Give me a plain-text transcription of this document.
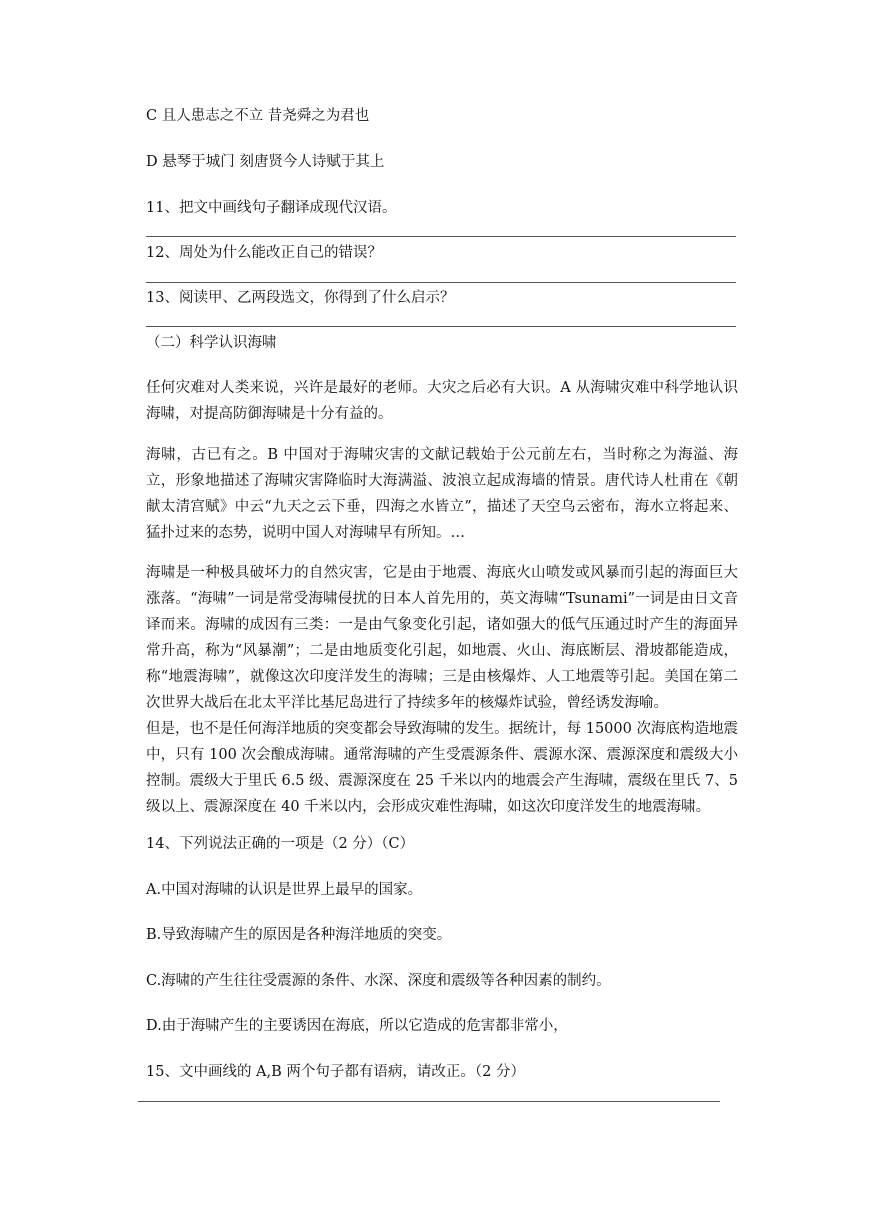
C 且人患志之不立 昔尧舜之为君也

D 悬琴于城门 刻唐贤今人诗赋于其上

11、把文中画线句子翻译成现代汉语。

12、周处为什么能改正自己的错误？

13、阅读甲、乙两段选文，你得到了什么启示？

（二）科学认识海啸

任何灾难对人类来说，兴许是最好的老师。大灾之后必有大识。A 从海啸灾难中科学地认识海啸，对提高防御海啸是十分有益的。

海啸，古已有之。B 中国对于海啸灾害的文献记载始于公元前左右，当时称之为海溢、海立，形象地描述了海啸灾害降临时大海满溢、波浪立起成海墙的情景。唐代诗人杜甫在《朝献太清宫赋》中云“九天之云下垂，四海之水皆立”，描述了天空乌云密布，海水立将起来、猛扑过来的态势，说明中国人对海啸早有所知。…

海啸是一种极具破坏力的自然灾害，它是由于地震、海底火山喷发或风暴而引起的海面巨大涨落。“海啸”一词是常受海啸侵扰的日本人首先用的，英文海啸“Tsunami”一词是由日文音译而来。海啸的成因有三类：一是由气象变化引起，诸如强大的低气压通过时产生的海面异常升高，称为“风暴潮”；二是由地质变化引起，如地震、火山、海底断层、滑坡都能造成，称“地震海啸”，就像这次印度洋发生的海啸；三是由核爆炸、人工地震等引起。美国在第二次世界大战后在北太平洋比基尼岛进行了持续多年的核爆炸试验，曾经诱发海喻。

但是，也不是任何海洋地质的突变都会导致海啸的发生。据统计，每 15000 次海底构造地震中，只有 100 次会酿成海啸。通常海啸的产生受震源条件、震源水深、震源深度和震级大小控制。震级大于里氏 6.5 级、震源深度在 25 千米以内的地震会产生海啸，震级在里氏 7、5 级以上、震源深度在 40 千米以内，会形成灾难性海啸，如这次印度洋发生的地震海啸。

14、下列说法正确的一项是（2 分）（C）

A.中国对海啸的认识是世界上最早的国家。

B.导致海啸产生的原因是各种海洋地质的突变。

C.海啸的产生往往受震源的条件、水深、深度和震级等各种因素的制约。

D.由于海啸产生的主要诱因在海底，所以它造成的危害都非常小，

15、文中画线的 A,B 两个句子都有语病，请改正。（2 分）
